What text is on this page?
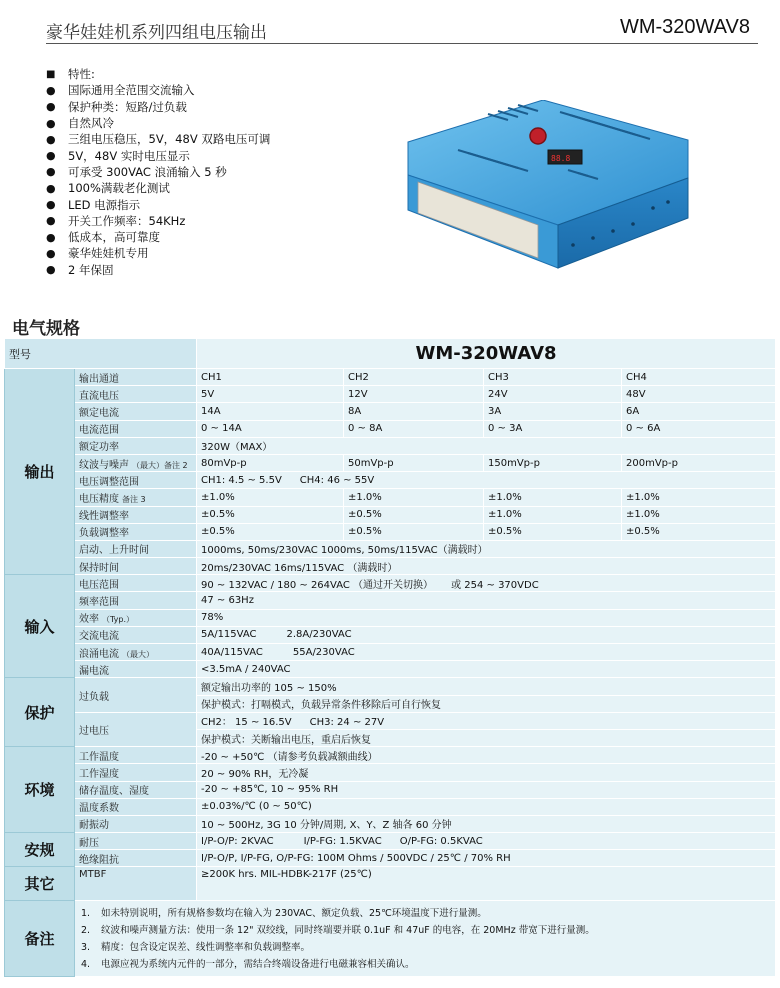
豪华娃娃机系列四组电压输出	WM-320WAV8
■	特性:
●	国际通用全范围交流输入
●	保护种类：短路/过负载
●	自然风冷
●	三组电压稳压，5V，48V 双路电压可调
●	5V，48V 实时电压显示
●	可承受 300VAC 浪涌输入 5 秒
●	100%满载老化测试
●	LED 电源指示
●	开关工作频率：54KHz
●	低成本，高可靠度
●	豪华娃娃机专用
●	2 年保固
88.8
电气规格
型号		WM-320WAV8			
输出	输出通道	CH1	CH2	CH3	CH4
	直流电压	5V	12V	24V	48V
	额定电流	14A	8A	3A	6A
	电流范围	0 ~ 14A	0 ~ 8A	0 ~ 3A	0 ~ 6A
	额定功率	320W（MAX）			
	纹波与噪声 （最大）备注 2	80mVp-p	50mVp-p	150mVp-p	200mVp-p
	电压调整范围	CH1: 4.5 ~ 5.5V CH4: 46 ~ 55V			
	电压精度 备注 3	±1.0%	±1.0%	±1.0%	±1.0%
	线性调整率	±0.5%	±0.5%	±1.0%	±1.0%
	负载调整率	±0.5%	±0.5%	±0.5%	±0.5%
	启动、上升时间	1000ms, 50ms/230VAC 1000ms, 50ms/115VAC（满载时）			
	保持时间	20ms/230VAC 16ms/115VAC （满载时）			
输入	电压范围	90 ~ 132VAC / 180 ~ 264VAC （通过开关切换） 或 254 ~ 370VDC			
	频率范围	47 ~ 63Hz			
	效率 （Typ.）	78%			
	交流电流	5A/115VAC 2.8A/230VAC			
	浪涌电流 （最大）	40A/115VAC 55A/230VAC			
	漏电流	<3.5mA / 240VAC			
保护	过负载	额定输出功率的 105 ~ 150%			
		保护模式：打嗝模式，负载异常条件移除后可自行恢复			
	过电压	CH2： 15 ~ 16.5V CH3: 24 ~ 27V			
		保护模式：关断输出电压，重启后恢复			
环境	工作温度	-20 ~ +50℃ （请参考负载减额曲线）			
	工作湿度	20 ~ 90% RH，无冷凝			
	储存温度、湿度	-20 ~ +85℃, 10 ~ 95% RH			
	温度系数	±0.03%/℃ (0 ~ 50℃)			
	耐振动	10 ~ 500Hz, 3G 10 分钟/周期, X、Y、Z 轴各 60 分钟			
安规	耐压	I/P-O/P: 2KVAC I/P-FG: 1.5KVAC O/P-FG: 0.5KVAC			
	绝缘阻抗	I/P-O/P, I/P-FG, O/P-FG: 100M Ohms / 500VDC / 25℃ / 70% RH			
其它	MTBF	≥200K hrs. MIL-HDBK-217F (25℃)			
备注	1. 如未特别说明，所有规格参数均在输入为 230VAC、额定负载、25℃环境温度下进行量测。
2. 纹波和噪声测量方法：使用一条 12" 双绞线，同时终端要并联 0.1uF 和 47uF 的电容，在 20MHz 带宽下进行量测。
3. 精度：包含设定误差、线性调整率和负载调整率。
4. 电源应视为系统内元件的一部分，需结合终端设备进行电磁兼容相关确认。				
